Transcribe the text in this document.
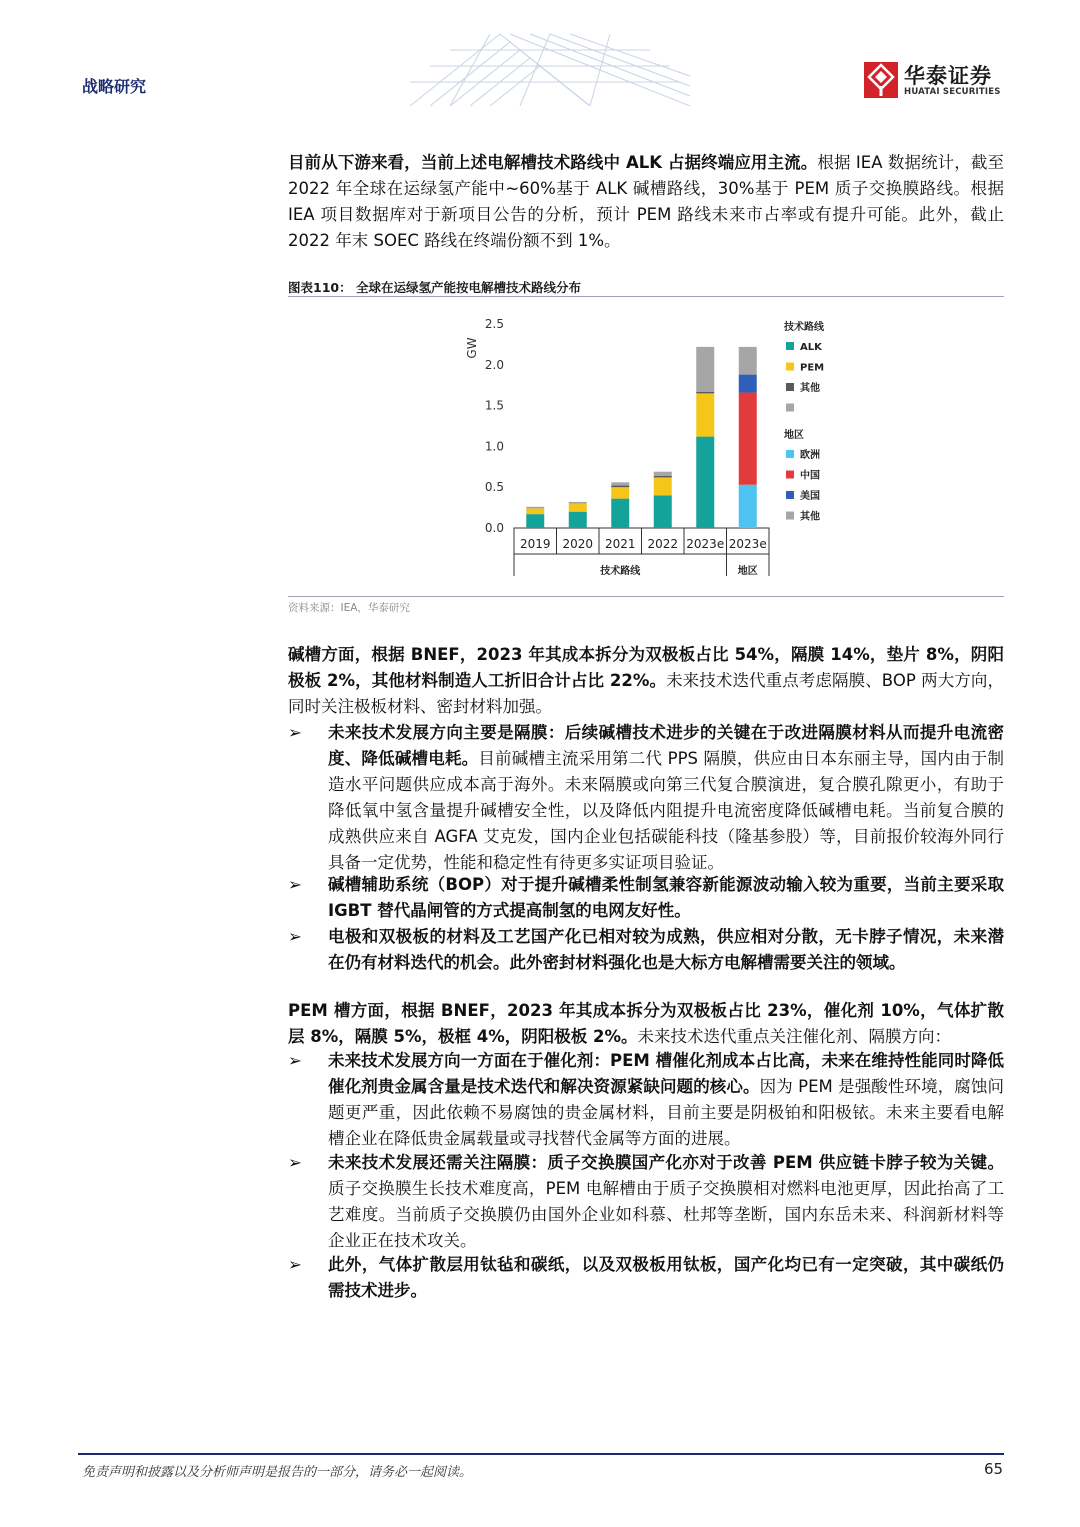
战略研究	华泰证券
HUATAI SECURITIES

目前从下游来看，当前上述电解槽技术路线中 ALK 占据终端应用主流。根据 IEA 数据统计，截至 2022 年全球在运绿氢产能中~60%基于 ALK 碱槽路线，30%基于 PEM 质子交换膜路线。根据 IEA 项目数据库对于新项目公告的分析，预计 PEM 路线未来市占率或有提升可能。此外，截止 2022 年末 SOEC 路线在终端份额不到 1%。

图表110： 全球在运绿氢产能按电解槽技术路线分布
GW
2.5
2.0
1.5
1.0
0.5
0.0
2019 2020 2021 2022 2023e 2023e
技术路线	地区
技术路线
ALK
PEM
其他
地区
欧洲
中国
美国
其他
资料来源：IEA，华泰研究

碱槽方面，根据 BNEF，2023 年其成本拆分为双极板占比 54%，隔膜 14%，垫片 8%，阴阳极板 2%，其他材料制造人工折旧合计占比 22%。未来技术迭代重点考虑隔膜、BOP 两大方向，同时关注极板材料、密封材料加强。

➢	未来技术发展方向主要是隔膜：后续碱槽技术进步的关键在于改进隔膜材料从而提升电流密度、降低碱槽电耗。目前碱槽主流采用第二代 PPS 隔膜，供应由日本东丽主导，国内由于制造水平问题供应成本高于海外。未来隔膜或向第三代复合膜演进，复合膜孔隙更小，有助于降低氧中氢含量提升碱槽安全性，以及降低内阻提升电流密度降低碱槽电耗。当前复合膜的成熟供应来自 AGFA 艾克发，国内企业包括碳能科技（隆基参股）等，目前报价较海外同行具备一定优势，性能和稳定性有待更多实证项目验证。
➢	碱槽辅助系统（BOP）对于提升碱槽柔性制氢兼容新能源波动输入较为重要，当前主要采取 IGBT 替代晶闸管的方式提高制氢的电网友好性。
➢	电极和双极板的材料及工艺国产化已相对较为成熟，供应相对分散，无卡脖子情况，未来潜在仍有材料迭代的机会。此外密封材料强化也是大标方电解槽需要关注的领域。

PEM 槽方面，根据 BNEF，2023 年其成本拆分为双极板占比 23%，催化剂 10%，气体扩散层 8%，隔膜 5%，极框 4%，阴阳极板 2%。未来技术迭代重点关注催化剂、隔膜方向：

➢	未来技术发展方向一方面在于催化剂：PEM 槽催化剂成本占比高，未来在维持性能同时降低催化剂贵金属含量是技术迭代和解决资源紧缺问题的核心。因为 PEM 是强酸性环境，腐蚀问题更严重，因此依赖不易腐蚀的贵金属材料，目前主要是阴极铂和阳极铱。未来主要看电解槽企业在降低贵金属载量或寻找替代金属等方面的进展。
➢	未来技术发展还需关注隔膜：质子交换膜国产化亦对于改善 PEM 供应链卡脖子较为关键。质子交换膜生长技术难度高，PEM 电解槽由于质子交换膜相对燃料电池更厚，因此抬高了工艺难度。当前质子交换膜仍由国外企业如科慕、杜邦等垄断，国内东岳未来、科润新材料等企业正在技术攻关。
➢	此外，气体扩散层用钛毡和碳纸，以及双极板用钛板，国产化均已有一定突破，其中碳纸仍需技术进步。
免责声明和披露以及分析师声明是报告的一部分，请务必一起阅读。	65
